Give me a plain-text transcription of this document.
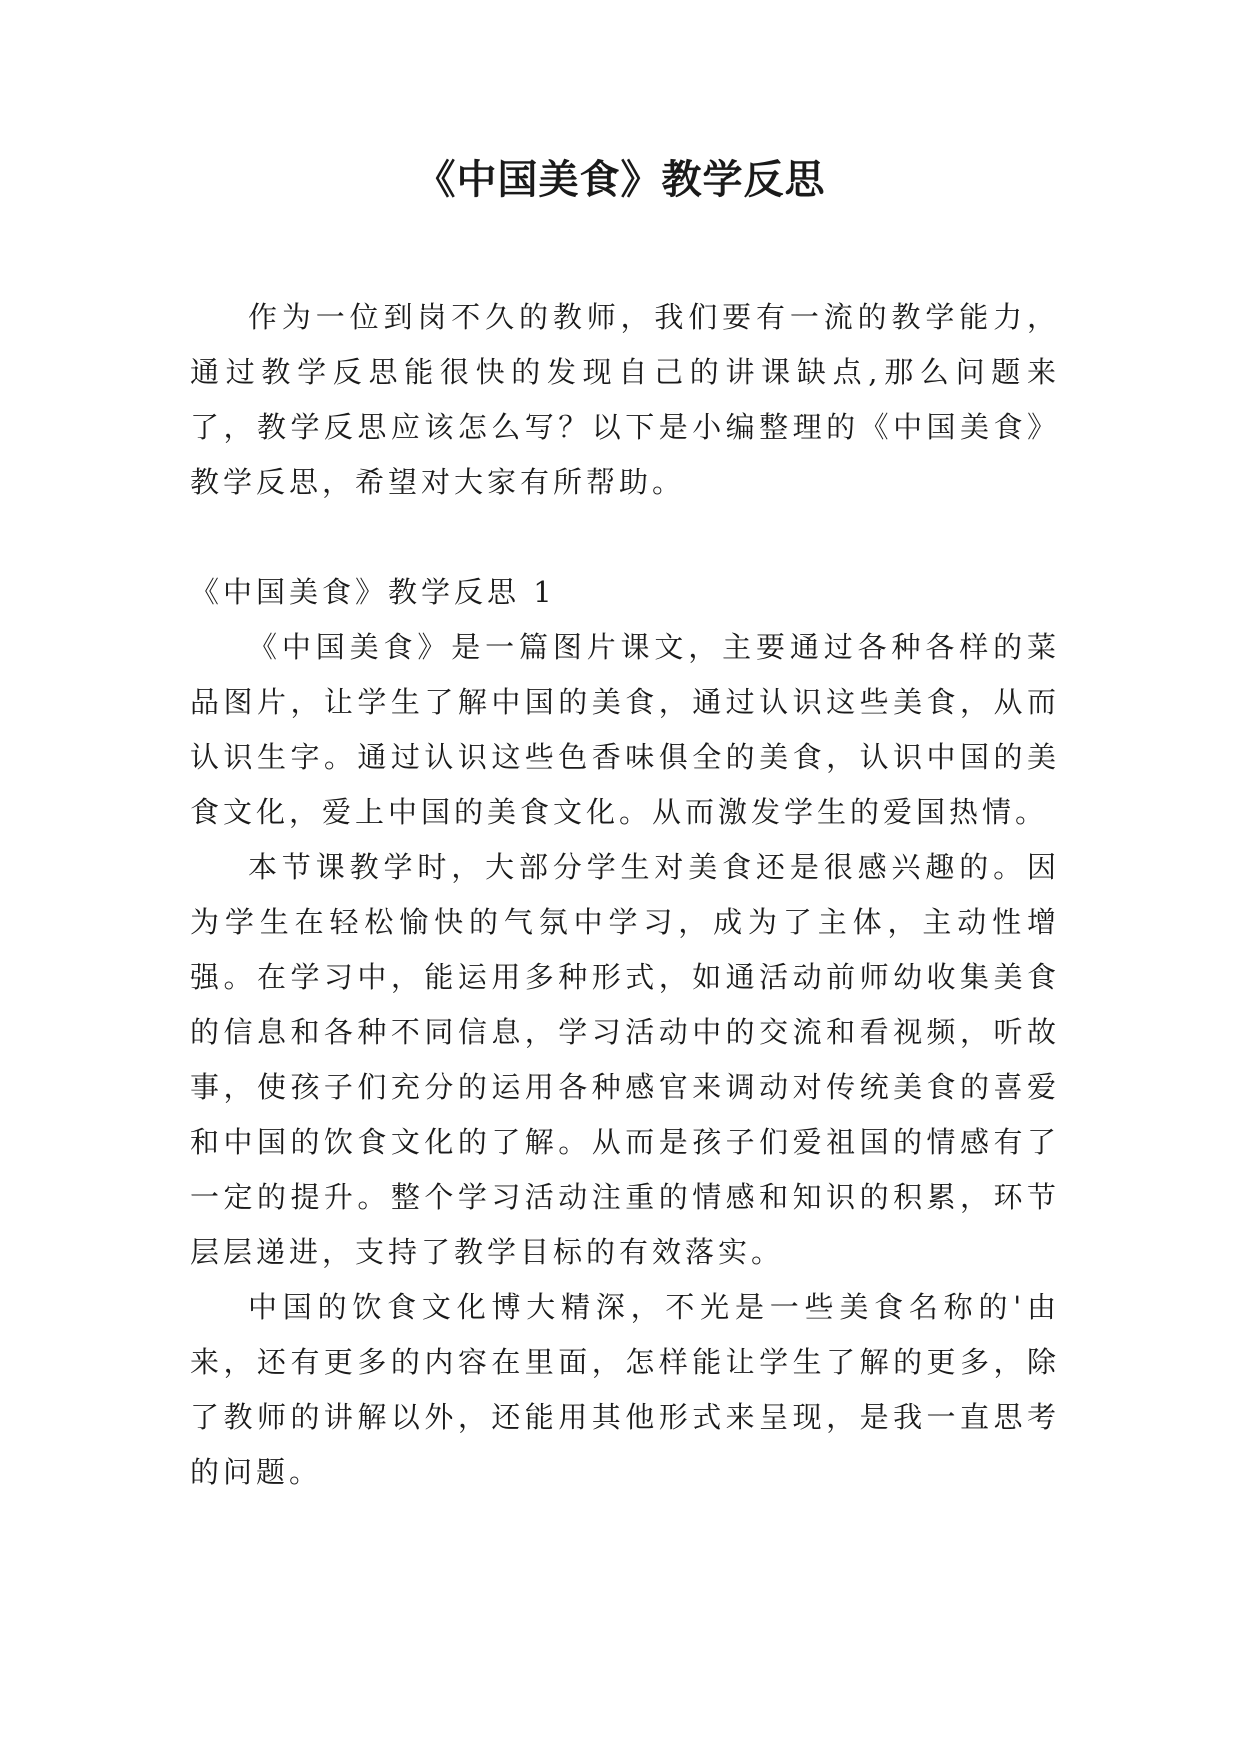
《中国美食》教学反思

作为一位到岗不久的教师，我们要有一流的教学能力，通过教学反思能很快的发现自己的讲课缺点,那么问题来了，教学反思应该怎么写？以下是小编整理的《中国美食》教学反思，希望对大家有所帮助。

《中国美食》教学反思 1

《中国美食》是一篇图片课文，主要通过各种各样的菜品图片，让学生了解中国的美食，通过认识这些美食，从而认识生字。通过认识这些色香味俱全的美食，认识中国的美食文化，爱上中国的美食文化。从而激发学生的爱国热情。

本节课教学时，大部分学生对美食还是很感兴趣的。因为学生在轻松愉快的气氛中学习，成为了主体，主动性增强。在学习中，能运用多种形式，如通活动前师幼收集美食的信息和各种不同信息，学习活动中的交流和看视频，听故事，使孩子们充分的运用各种感官来调动对传统美食的喜爱和中国的饮食文化的了解。从而是孩子们爱祖国的情感有了一定的提升。整个学习活动注重的情感和知识的积累，环节层层递进，支持了教学目标的有效落实。

中国的饮食文化博大精深，不光是一些美食名称的'由来，还有更多的内容在里面，怎样能让学生了解的更多，除了教师的讲解以外，还能用其他形式来呈现，是我一直思考的问题。
